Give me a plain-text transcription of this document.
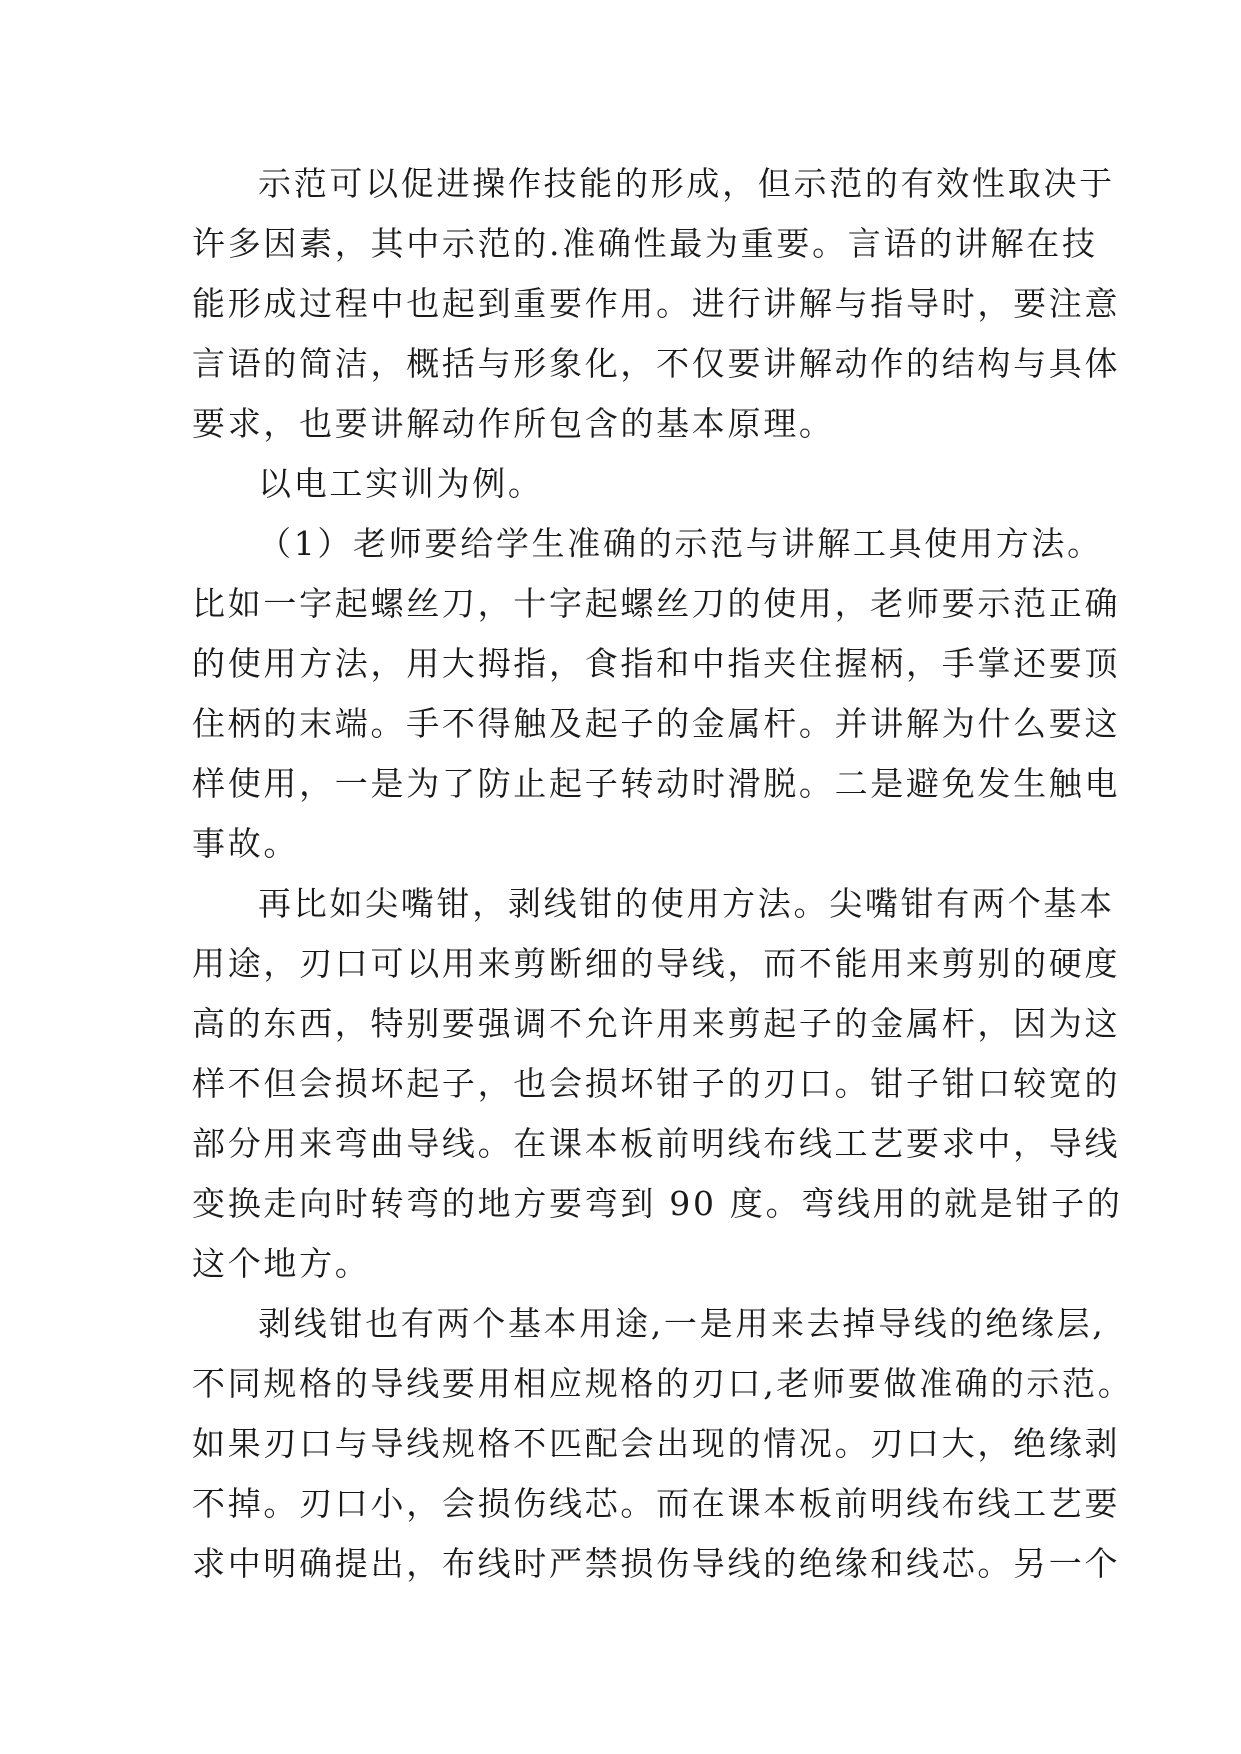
示范可以促进操作技能的形成，但示范的有效性取决于
许多因素，其中示范的.准确性最为重要。言语的讲解在技
能形成过程中也起到重要作用。进行讲解与指导时，要注意
言语的简洁，概括与形象化，不仅要讲解动作的结构与具体
要求，也要讲解动作所包含的基本原理。
以电工实训为例。
（1）老师要给学生准确的示范与讲解工具使用方法。
比如一字起螺丝刀，十字起螺丝刀的使用，老师要示范正确
的使用方法，用大拇指，食指和中指夹住握柄，手掌还要顶
住柄的末端。手不得触及起子的金属杆。并讲解为什么要这
样使用，一是为了防止起子转动时滑脱。二是避免发生触电
事故。
再比如尖嘴钳，剥线钳的使用方法。尖嘴钳有两个基本
用途，刃口可以用来剪断细的导线，而不能用来剪别的硬度
高的东西，特别要强调不允许用来剪起子的金属杆，因为这
样不但会损坏起子，也会损坏钳子的刃口。钳子钳口较宽的
部分用来弯曲导线。在课本板前明线布线工艺要求中，导线
变换走向时转弯的地方要弯到 90 度。弯线用的就是钳子的
这个地方。
剥线钳也有两个基本用途,一是用来去掉导线的绝缘层,
不同规格的导线要用相应规格的刃口,老师要做准确的示范。
如果刃口与导线规格不匹配会出现的情况。刃口大，绝缘剥
不掉。刃口小，会损伤线芯。而在课本板前明线布线工艺要
求中明确提出，布线时严禁损伤导线的绝缘和线芯。另一个
